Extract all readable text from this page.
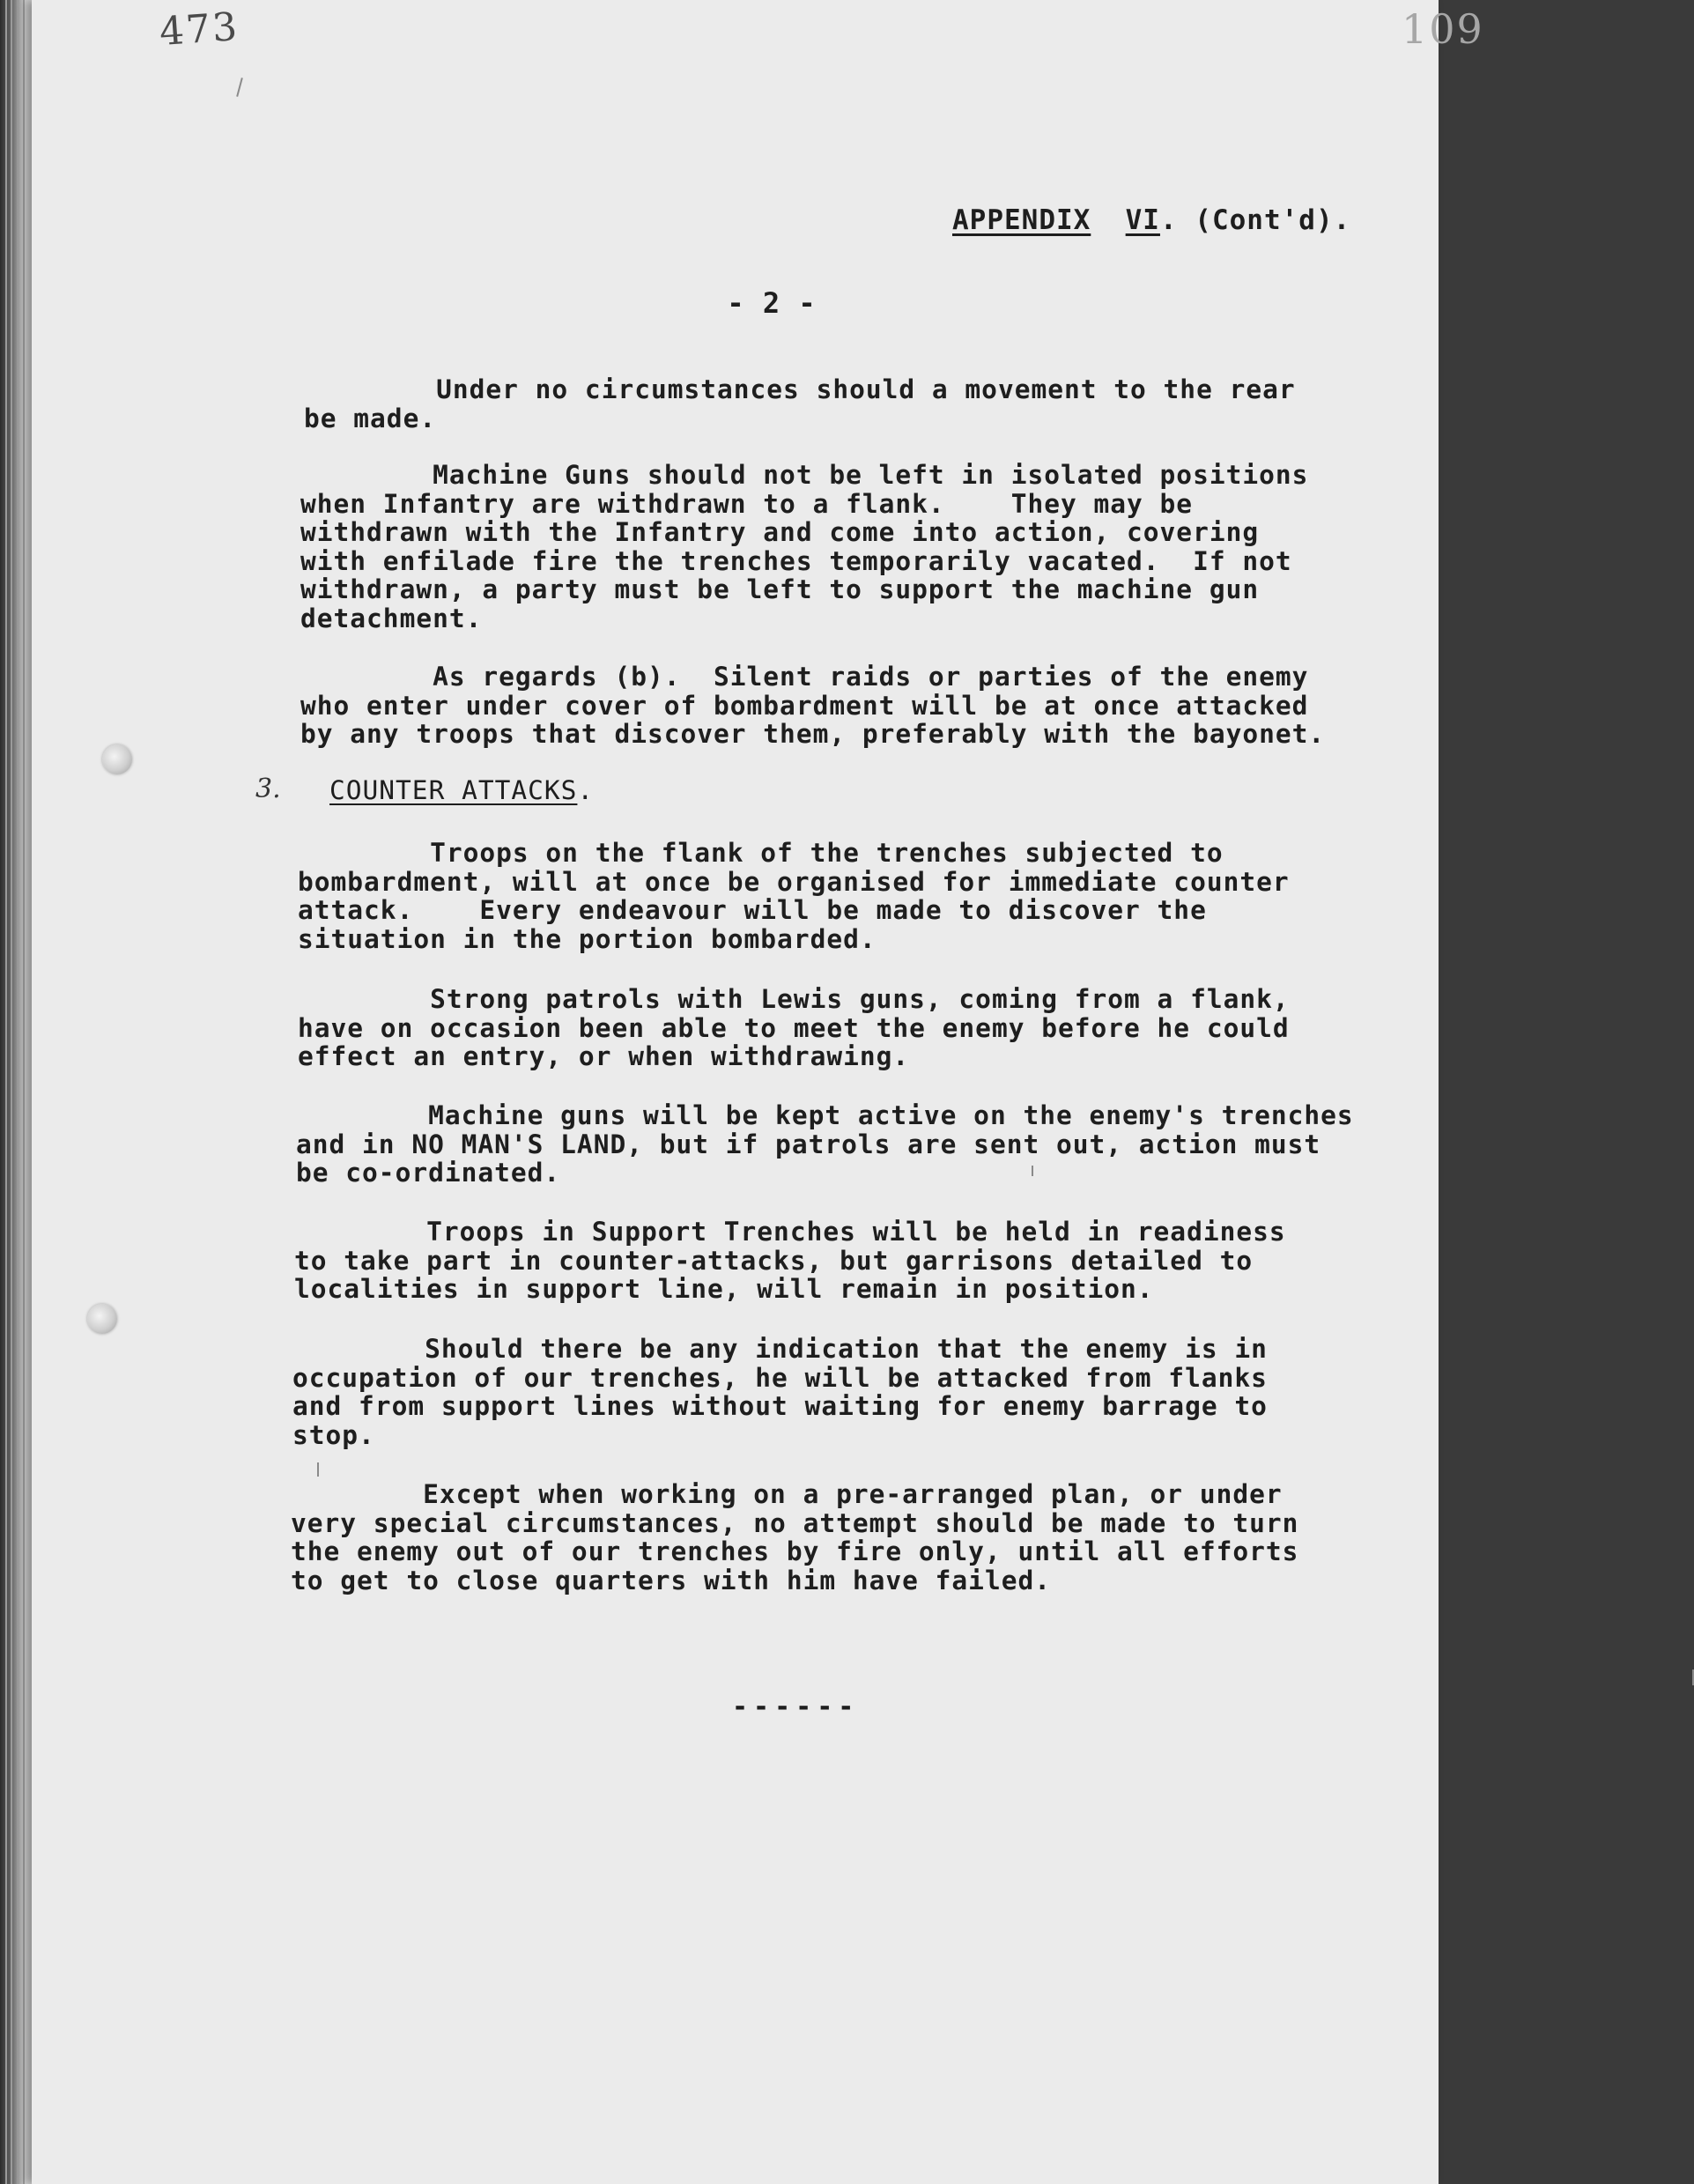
473	109
APPENDIX VI. (Cont'd).
- 2 -
Under no circumstances should a movement to the rear
be made.
Machine Guns should not be left in isolated positions
when Infantry are withdrawn to a flank.    They may be
withdrawn with the Infantry and come into action, covering
with enfilade fire the trenches temporarily vacated.  If not
withdrawn, a party must be left to support the machine gun
detachment.
As regards (b).  Silent raids or parties of the enemy
who enter under cover of bombardment will be at once attacked
by any troops that discover them, preferably with the bayonet.
3. COUNTER ATTACKS.
Troops on the flank of the trenches subjected to
bombardment, will at once be organised for immediate counter
attack.    Every endeavour will be made to discover the
situation in the portion bombarded.
Strong patrols with Lewis guns, coming from a flank,
have on occasion been able to meet the enemy before he could
effect an entry, or when withdrawing.
Machine guns will be kept active on the enemy's trenches
and in NO MAN'S LAND, but if patrols are sent out, action must
be co-ordinated.
Troops in Support Trenches will be held in readiness
to take part in counter-attacks, but garrisons detailed to
localities in support line, will remain in position.
Should there be any indication that the enemy is in
occupation of our trenches, he will be attacked from flanks
and from support lines without waiting for enemy barrage to
stop.
Except when working on a pre-arranged plan, or under
very special circumstances, no attempt should be made to turn
the enemy out of our trenches by fire only, until all efforts
to get to close quarters with him have failed.
------
